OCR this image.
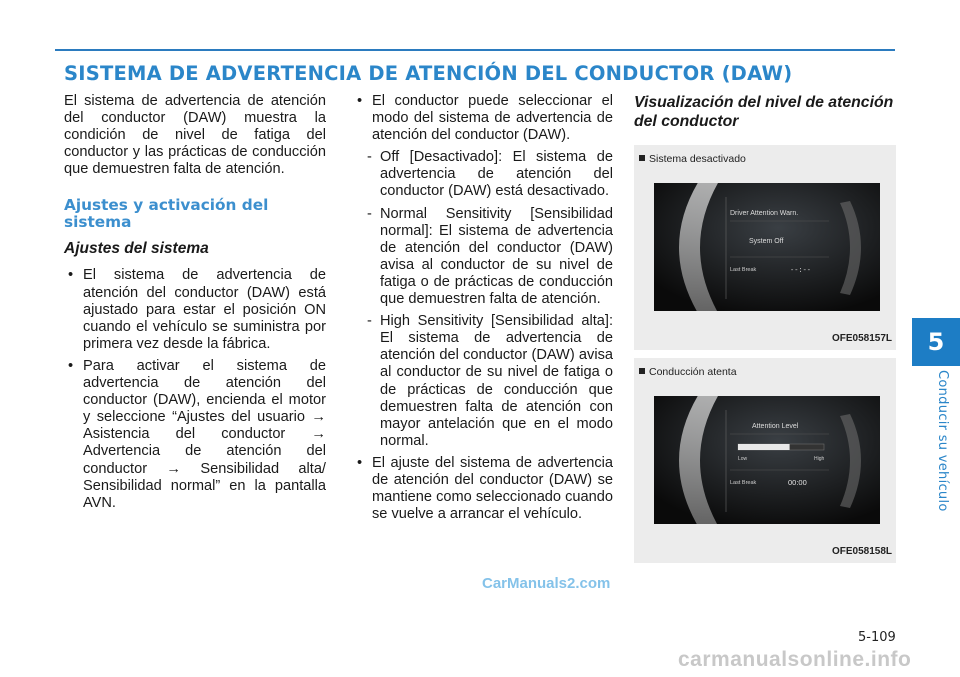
SISTEMA DE ADVERTENCIA DE ATENCIÓN DEL CONDUCTOR (DAW)

El sistema de advertencia de atención del conductor (DAW) muestra la condición de nivel de fatiga del conductor y las prácticas de conducción que demuestren falta de atención.

Ajustes y activación del sistema
Ajustes del sistema

• El sistema de advertencia de atención del conductor (DAW) está ajustado para estar el posición ON cuando el vehículo se suministra por primera vez desde la fábrica.

• Para activar el sistema de advertencia de atención del conductor (DAW), encienda el motor y seleccione “Ajustes del usuario → Asistencia del conductor → Advertencia de atención del conductor → Sensibilidad alta/ Sensibilidad normal” en la pantalla AVN.

• El conductor puede seleccionar el modo del sistema de advertencia de atención del conductor (DAW).

- Off [Desactivado]: El sistema de advertencia de atención del conductor (DAW) está desactivado.

- Normal Sensitivity [Sensibilidad normal]: El sistema de advertencia de atención del conductor (DAW) avisa al conductor de su nivel de fatiga o de prácticas de conducción que demuestren falta de atención.

- High Sensitivity [Sensibilidad alta]: El sistema de advertencia de atención del conductor (DAW) avisa al conductor de su nivel de fatiga o de prácticas de conducción que demuestren falta de atención con mayor antelación que en el modo normal.

• El ajuste del sistema de advertencia de atención del conductor (DAW) se mantiene como seleccionado cuando se vuelve a arrancar el vehículo.

Visualización del nivel de atención del conductor
Sistema desactivado
Driver Attention Warn.
System Off
Last Break	--:--
OFE058157L
Conducción atenta
Attention Level
Low	High
Last Break	00:00
OFE058158L
5
Conducir su vehículo
CarManuals2.com
5-109
carmanualsonline.info
